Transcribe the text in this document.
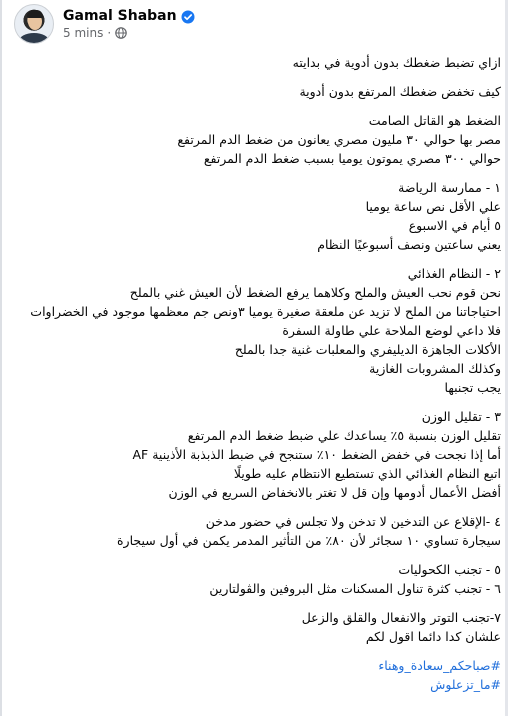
Gamal Shaban
5 mins ·
ازاي تضبط ضغطك بدون أدوية في بدايته
كيف تخفض ضغطك المرتفع بدون أدوية
الضغط هو القاتل الصامت
مصر بها حوالي ٣٠ مليون مصري يعانون من ضغط الدم المرتفع
حوالي ٣٠٠ مصري يموتون يوميا بسبب ضغط الدم المرتفع
١ - ممارسة الرياضة
علي الأقل نص ساعة يوميا
٥ أيام في الاسبوع
يعني ساعتين ونصف أسبوعيًا النظام
٢ - النظام الغذائي
نحن قوم نحب العيش والملح وكلاهما يرفع الضغط لأن العيش غني بالملح
احتياجاتنا من الملح لا تزيد عن ملعقة صغيرة يوميا ٣ونص جم معظمها موجود في الخضراوات
فلا داعي لوضع الملاحة علي طاولة السفرة
الأكلات الجاهزة الديليفري والمعلبات غنية جدا بالملح
وكذلك المشروبات الغازية
يجب تجنبها
٣ - تقليل الوزن
تقليل الوزن بنسبة ٥٪ يساعدك علي ضبط ضغط الدم المرتفع
أما إذا نجحت في خفض الضغط ١٠٪ ستنجح في ضبط الذبذبة الأذينية AF
اتبع النظام الغذائي الذي تستطيع الانتظام عليه طويلًا
أفضل الأعمال أدومها وإن قل لا تغتر بالانخفاض السريع في الوزن
٤ -الإقلاع عن التدخين لا تدخن ولا تجلس في حضور مدخن
سيجارة تساوي ١٠ سجائر لأن ٨٠٪ من التأثير المدمر يكمن في أول سيجارة
٥ - تجنب الكحوليات
٦ - تجنب كثرة تناول المسكنات مثل البروفين والڤولتارين
٧-تجنب التوتر والانفعال والقلق والزعل
علشان كدا دائما اقول لكم
#صباحكم_سعادة_وهناء
#ما_تزعلوش
